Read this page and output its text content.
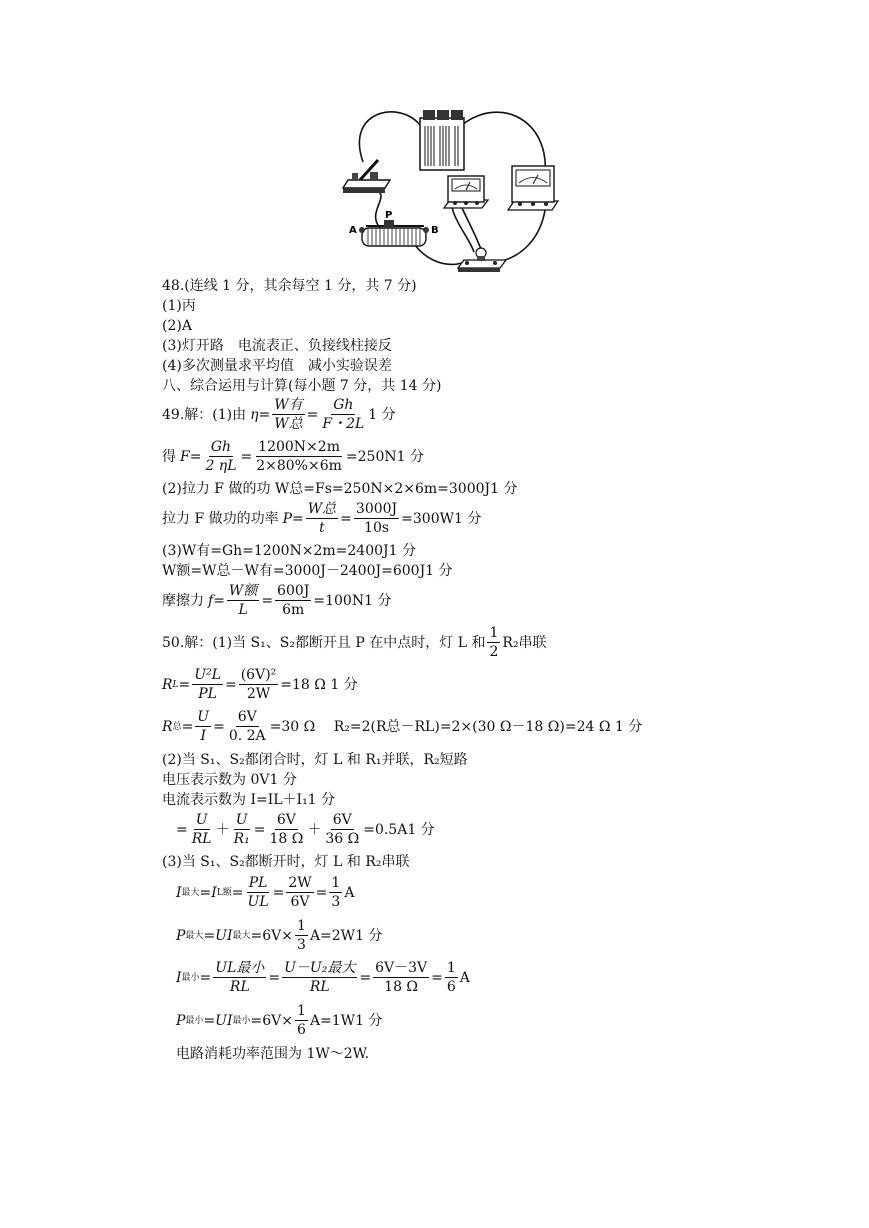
A	B
P
48.(连线 1 分，其余每空 1 分，共 7 分)
(1)丙
(2)A
(3)灯开路　电流表正、负接线柱接反
(4)多次测量求平均值　减小实验误差
八、综合运用与计算(每小题 7 分，共 14 分)
49.解：(1)由 $\eta = \frac{\text{W有}}{\text{W总}} = \frac{Gh}{F・2L} 1$ 分
得 $F = \frac{Gh}{2 \eta L} = \frac{1200N\times 2m}{2\times 80\%\times 6m} =250N1$ 分
(2)拉力 F 做的功 W总=Fs=250N×2×6m=3000J1 分
拉力 F 做功的功率 $P = \frac{\text{W总}}{t} = \frac{3000J}{10s} =300W1$ 分
(3)W有=Gh=1200N×2m=2400J1 分
W额=W总－W有=3000J－2400J=600J1 分
摩擦力 $f = \frac{\text{W额}}{L} = \frac{600J}{6m} =100N1$ 分
50.解：(1)当 S₁、S₂都断开且 P 在中点时，灯 L 和 $\frac{1}{2} R_2$串联
R $L = \frac{\text{U²L}}{PL} = \frac{\text{(6V)²}}{2W} =18$ Ω 1 分
R 总 = $\frac{U}{I} = \frac{6V}{0. 2A} =30$ Ω　 R₂=2(R总－RL)=2×(30 Ω－18 Ω)=24 Ω 1 分
(2)当 S₁、S₂都闭合时，灯 L 和 R₁并联，R₂短路
电压表示数为 0V1 分
电流表示数为 I=IL＋I₁1 分
= $\frac{U}{RL} + \frac{U}{\text{R₁}} = \frac{6V}{18 \Omega} + \frac{6V}{36 \Omega} =0.5A1$ 分
(3)当 S₁、S₂都断开时，灯 L 和 R₂串联
I 最大 = I L额 = $\frac{PL}{UL} = \frac{2W}{6V} = \frac{1}{3}$ A
P 最大 = UI 最大 $=6V\times \frac{1}{3} A=2W1$ 分
I 最小 = $\frac{\text{UL最小}}{RL} = \frac{\text{U－U₂最大}}{RL} = \frac{6V-3V}{18 \Omega} = \frac{1}{6}$ A
P 最小 = UI 最小 $=6V\times \frac{1}{6} A=1W1$ 分
电路消耗功率范围为 1W～2W.
